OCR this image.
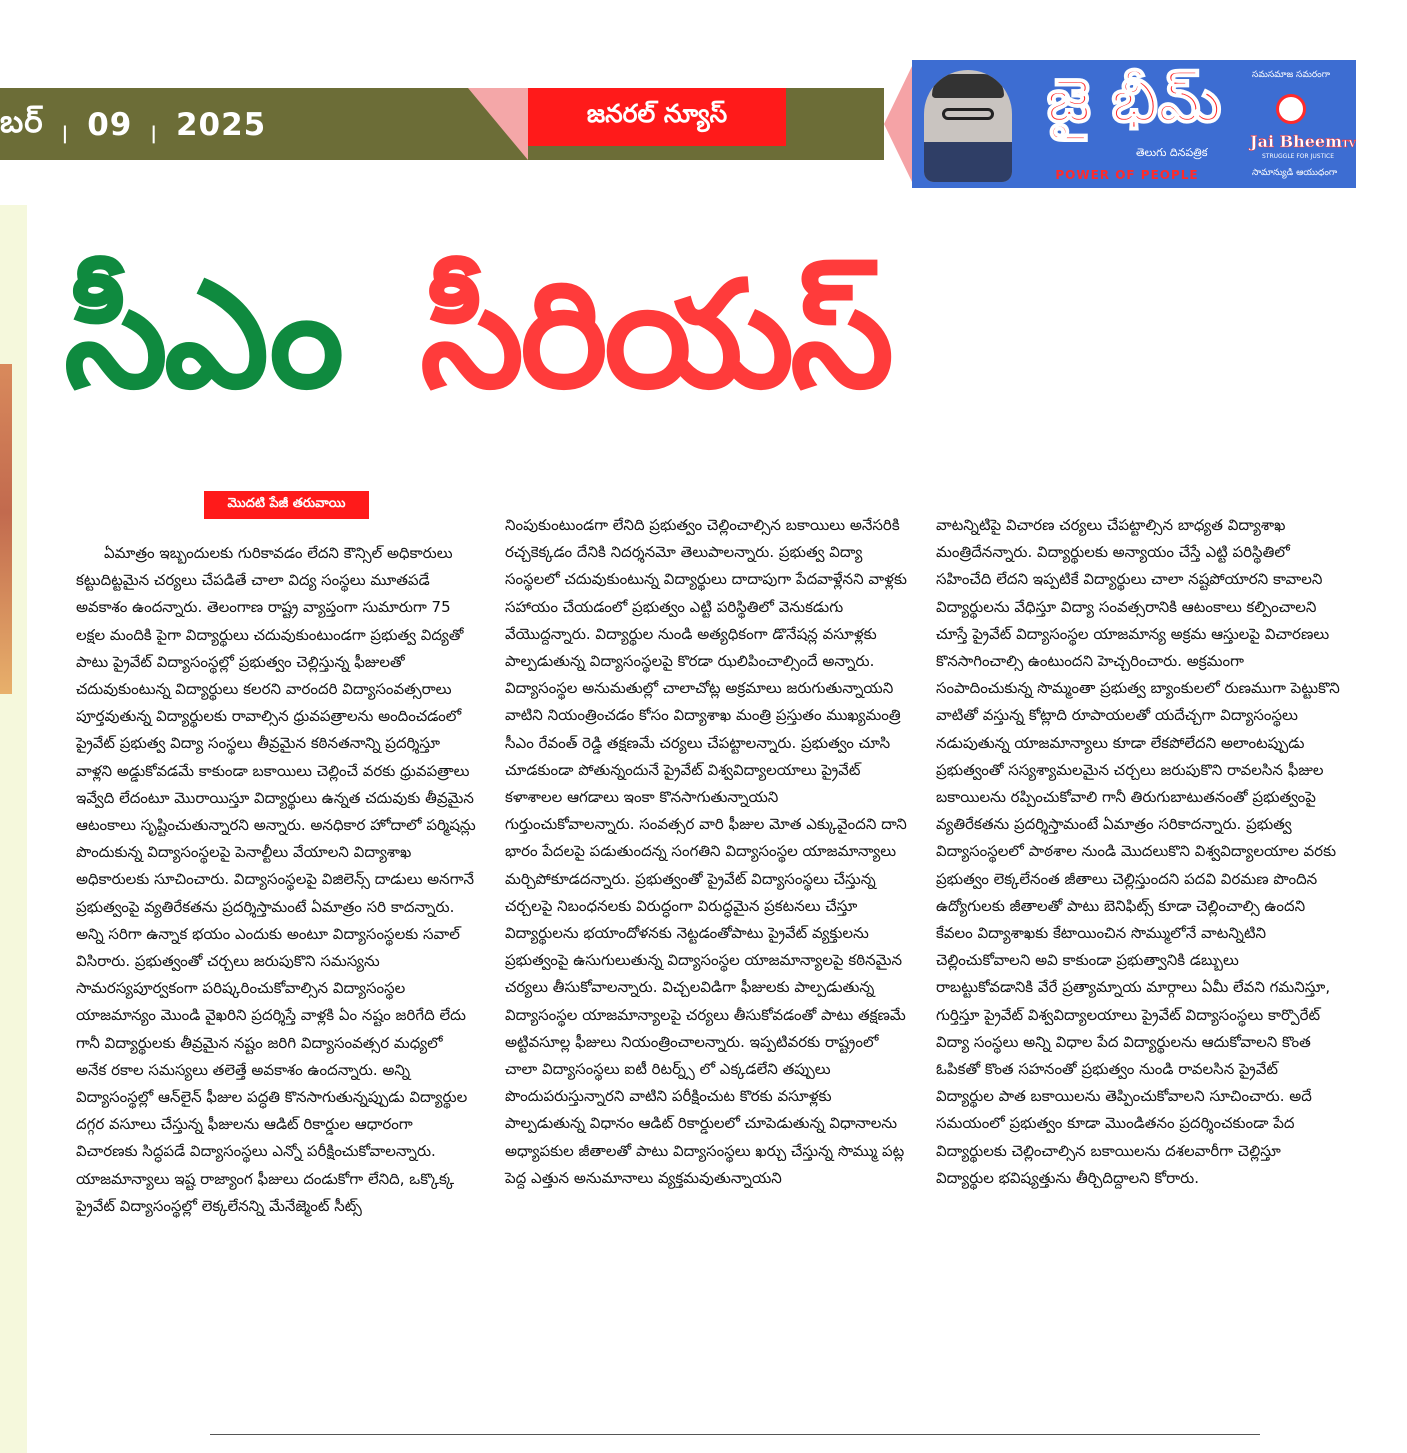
బర్ | 09 | 2025	జనరల్ న్యూస్	జై భీమ్
తెలుగు దినపత్రిక
POWER OF PEOPLE
సమసమాజ సమరంగా
Jai BheemTV
STRUGGLE FOR JUSTICE
సామాన్యుడి ఆయుధంగా
సీఎం సీరియస్
మొదటి పేజీ తరువాయి
ఏమాత్రం ఇబ్బందులకు గురికావడం లేదని కౌన్సిల్ అధికారులు కట్టుదిట్టమైన చర్యలు చేపడితే చాలా విద్య సంస్థలు మూతపడే అవకాశం ఉందన్నారు. తెలంగాణ రాష్ట్ర వ్యాప్తంగా సుమారుగా 75 లక్షల మందికి పైగా విద్యార్థులు చదువుకుంటుండగా ప్రభుత్వ విద్యతో పాటు ప్రైవేట్ విద్యాసంస్థల్లో ప్రభుత్వం చెల్లిస్తున్న ఫీజులతో చదువుకుంటున్న విద్యార్థులు కలరని వారందరి విద్యాసంవత్సరాలు పూర్తవుతున్న విద్యార్థులకు రావాల్సిన ధ్రువపత్రాలను అందించడంలో ప్రైవేట్ ప్రభుత్వ విద్యా సంస్థలు తీవ్రమైన కఠినతనాన్ని ప్రదర్శిస్తూ వాళ్లని అడ్డుకోవడమే కాకుండా బకాయిలు చెల్లించే వరకు ధ్రువపత్రాలు ఇవ్వేది లేదంటూ మొరాయిస్తూ విద్యార్థులు ఉన్నత చదువుకు తీవ్రమైన ఆటంకాలు సృష్టించుతున్నారని అన్నారు. అనధికార హోదాలో పర్మిషన్లు పొందుకున్న విద్యాసంస్థలపై పెనాల్టీలు వేయాలని విద్యాశాఖ అధికారులకు సూచించారు. విద్యాసంస్థలపై విజిలెన్స్ దాడులు అనగానే ప్రభుత్వంపై వ్యతిరేకతను ప్రదర్శిస్తామంటే ఏమాత్రం సరి కాదన్నారు. అన్ని సరిగా ఉన్నాక భయం ఎందుకు అంటూ విద్యాసంస్థలకు సవాల్ విసిరారు. ప్రభుత్వంతో చర్చలు జరుపుకొని సమస్యను సామరస్యపూర్వకంగా పరిష్కరించుకోవాల్సిన విద్యాసంస్థల యాజమాన్యం మొండి వైఖరిని ప్రదర్శిస్తే వాళ్లకి ఏం నష్టం జరిగేది లేదు గానీ విద్యార్థులకు తీవ్రమైన నష్టం జరిగి విద్యాసంవత్సర మధ్యలో అనేక రకాల సమస్యలు తలెత్తే అవకాశం ఉందన్నారు. అన్ని విద్యాసంస్థల్లో ఆన్‌లైన్ ఫీజుల పద్ధతి కొనసాగుతున్నప్పుడు విద్యార్థుల దగ్గర వసూలు చేస్తున్న ఫీజులను ఆడిట్ రికార్డుల ఆధారంగా విచారణకు సిద్ధపడే విద్యాసంస్థలు ఎన్నో పరీక్షించుకోవాలన్నారు. యాజమాన్యాలు ఇష్ట రాజ్యాంగ ఫీజులు దండుకోగా లేనిది, ఒక్కొక్క ప్రైవేట్ విద్యాసంస్థల్లో లెక్కలేనన్ని మేనేజ్మెంట్ సీట్స్
నింపుకుంటుండగా లేనిది ప్రభుత్వం చెల్లించాల్సిన బకాయిలు అనేసరికి రచ్చకెక్కడం దేనికి నిదర్శనమో తెలుపాలన్నారు. ప్రభుత్వ విద్యా సంస్థలలో చదువుకుంటున్న విద్యార్థులు దాదాపుగా పేదవాళ్లేనని వాళ్లకు సహాయం చేయడంలో ప్రభుత్వం ఎట్టి పరిస్థితిలో వెనుకడుగు వేయొద్దన్నారు. విద్యార్థుల నుండి అత్యధికంగా డొనేషన్ల వసూళ్లకు పాల్పడుతున్న విద్యాసంస్థలపై కొరడా ఝలిపించాల్సిందే అన్నారు. విద్యాసంస్థల అనుమతుల్లో చాలాచోట్ల అక్రమాలు జరుగుతున్నాయని వాటిని నియంత్రించడం కోసం విద్యాశాఖ మంత్రి ప్రస్తుతం ముఖ్యమంత్రి సీఎం రేవంత్ రెడ్డి తక్షణమే చర్యలు చేపట్టాలన్నారు. ప్రభుత్వం చూసి చూడకుండా పోతున్నందునే ప్రైవేట్ విశ్వవిద్యాలయాలు ప్రైవేట్ కళాశాలల ఆగడాలు ఇంకా కొనసాగుతున్నాయని గుర్తుంచుకోవాలన్నారు. సంవత్సర వారి ఫీజుల మోత ఎక్కువైందని దాని భారం పేదలపై పడుతుందన్న సంగతిని విద్యాసంస్థల యాజమాన్యాలు మర్చిపోకూడదన్నారు. ప్రభుత్వంతో ప్రైవేట్ విద్యాసంస్థలు చేస్తున్న చర్చలపై నిబంధనలకు విరుద్ధంగా విరుద్ధమైన ప్రకటనలు చేస్తూ విద్యార్థులను భయాందోళనకు నెట్టడంతోపాటు ప్రైవేట్ వ్యక్తులను ప్రభుత్వంపై ఉసుగులుతున్న విద్యాసంస్థల యాజమాన్యాలపై కఠినమైన చర్యలు తీసుకోవాలన్నారు. విచ్చలవిడిగా ఫీజులకు పాల్పడుతున్న విద్యాసంస్థల యాజమాన్యాలపై చర్యలు తీసుకోవడంతో పాటు తక్షణమే అట్టివసూల్ల ఫీజులు నియంత్రించాలన్నారు. ఇప్పటివరకు రాష్ట్రంలో చాలా విద్యాసంస్థలు ఐటీ రిటర్న్స్ లో ఎక్కడలేని తప్పులు పొందుపరుస్తున్నారని వాటిని పరీక్షించుట కొరకు వసూళ్లకు పాల్పడుతున్న విధానం ఆడిట్ రికార్డులలో చూపెడుతున్న విధానాలను అధ్యాపకుల జీతాలతో పాటు విద్యాసంస్థలు ఖర్చు చేస్తున్న సొమ్ము పట్ల పెద్ద ఎత్తున అనుమానాలు వ్యక్తమవుతున్నాయని
వాటన్నిటిపై విచారణ చర్యలు చేపట్టాల్సిన బాధ్యత విద్యాశాఖ మంత్రిదేనన్నారు. విద్యార్థులకు అన్యాయం చేస్తే ఎట్టి పరిస్థితిలో సహించేది లేదని ఇప్పటికే విద్యార్థులు చాలా నష్టపోయారని కావాలని విద్యార్థులను వేధిస్తూ విద్యా సంవత్సరానికి ఆటంకాలు కల్పించాలని చూస్తే ప్రైవేట్ విద్యాసంస్థల యాజమాన్య అక్రమ ఆస్తులపై విచారణలు కొనసాగించాల్సి ఉంటుందని హెచ్చరించారు. అక్రమంగా సంపాదించుకున్న సొమ్మంతా ప్రభుత్వ బ్యాంకులలో రుణముగా పెట్టుకొని వాటితో వస్తున్న కోట్లాది రూపాయలతో యదేచ్చగా విద్యాసంస్థలు నడుపుతున్న యాజమాన్యాలు కూడా లేకపోలేదని అలాంటప్పుడు ప్రభుత్వంతో సస్యశ్యామలమైన చర్చలు జరుపుకొని రావలసిన ఫీజుల బకాయిలను రప్పించుకోవాలి గానీ తిరుగుబాటుతనంతో ప్రభుత్వంపై వ్యతిరేకతను ప్రదర్శిస్తామంటే ఏమాత్రం సరికాదన్నారు. ప్రభుత్వ విద్యాసంస్థలలో పాఠశాల నుండి మొదలుకొని విశ్వవిద్యాలయాల వరకు ప్రభుత్వం లెక్కలేనంత జీతాలు చెల్లిస్తుందని పదవి విరమణ పొందిన ఉద్యోగులకు జీతాలతో పాటు బెనిఫిట్స్ కూడా చెల్లించాల్సి ఉందని కేవలం విద్యాశాఖకు కేటాయించిన సొమ్ములోనే వాటన్నిటిని చెల్లించుకోవాలని అవి కాకుండా ప్రభుత్వానికి డబ్బులు రాబట్టుకోవడానికి వేరే ప్రత్యామ్నాయ మార్గాలు ఏమీ లేవని గమనిస్తూ, గుర్తిస్తూ ప్రైవేట్ విశ్వవిద్యాలయాలు ప్రైవేట్ విద్యాసంస్థలు కార్పొరేట్ విద్యా సంస్థలు అన్ని విధాల పేద విద్యార్థులను ఆదుకోవాలని కొంత ఓపికతో కొంత సహనంతో ప్రభుత్వం నుండి రావలసిన ప్రైవేట్ విద్యార్థుల పాత బకాయిలను తెప్పించుకోవాలని సూచించారు. అదే సమయంలో ప్రభుత్వం కూడా మొండితనం ప్రదర్శించకుండా పేద విద్యార్థులకు చెల్లించాల్సిన బకాయిలను దశలవారీగా చెల్లిస్తూ విద్యార్థుల భవిష్యత్తును తీర్చిదిద్దాలని కోరారు.
